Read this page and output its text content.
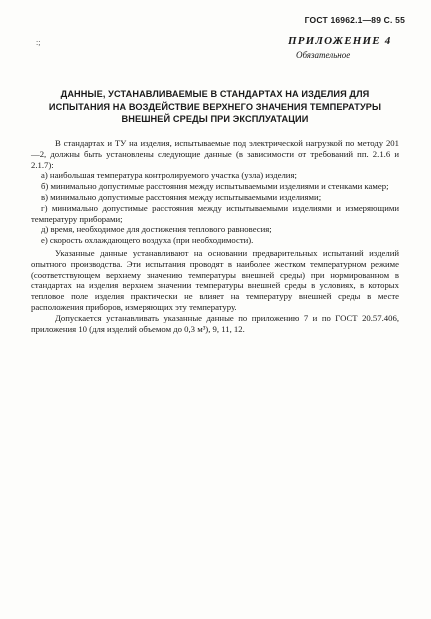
ГОСТ 16962.1—89 С. 55
:;	ПРИЛОЖЕНИЕ 4
Обязательное
ДАННЫЕ, УСТАНАВЛИВАЕМЫЕ В СТАНДАРТАХ НА ИЗДЕЛИЯ ДЛЯ
ИСПЫТАНИЯ НА ВОЗДЕЙСТВИЕ ВЕРХНЕГО ЗНАЧЕНИЯ ТЕМПЕРАТУРЫ
ВНЕШНЕЙ СРЕДЫ ПРИ ЭКСПЛУАТАЦИИ

В стандартах и ТУ на изделия, испытываемые под электрической нагрузкой по методу 201—2, должны быть установлены следующие данные (в зависимости от требований пп. 2.1.6 и 2.1.7):

а) наибольшая температура контролируемого участка (узла) изделия;

б) минимально допустимые расстояния между испытываемыми изделиями и стенками камер;

в) минимально допустимые расстояния между испытываемыми изделиями;

г) минимально допустимые расстояния между испытываемыми изделиями и измеряющими температуру приборами;

д) время, необходимое для достижения теплового равновесия;

е) скорость охлаждающего воздуха (при необходимости).

Указанные данные устанавливают на основании предварительных испытаний изделий опытного производства. Эти испытания проводят в наиболее жестком температурном режиме (соответствующем верхнему значению температуры внешней среды) при нормированном в стандартах на изделия верхнем значении температуры внешней среды в условиях, в которых тепловое поле изделия практически не влияет на температуру внешней среды в месте расположения приборов, измеряющих эту температуру.

Допускается устанавливать указанные данные по приложению 7 и по ГОСТ 20.57.406, приложения 10 (для изделий объемом до 0,3 м³), 9, 11, 12.
